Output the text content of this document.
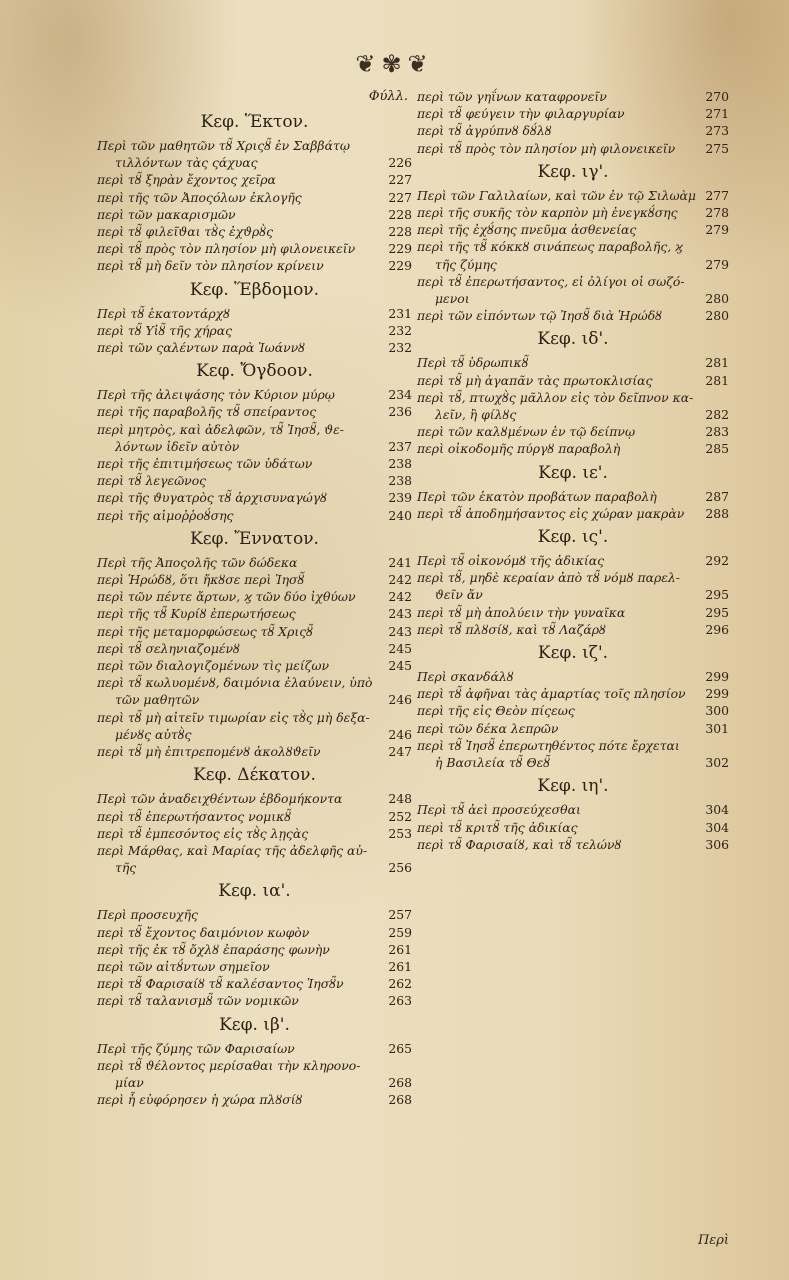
❦✾❦
Φύλλ.
Κεφ. Ἕκτον.
Περὶ τῶν μαθητῶν τȣ̃ Χριςȣ̃ ἐν Σαββάτῳ
τιλλόντων τὰς ςάχυας	226
περὶ τȣ̃ ξηρὰν ἔχοντος χεῖρα	227
περὶ τῆς τῶν Ἀποςόλων ἐκλογῆς	227
περὶ τῶν μακαρισμῶν	228
περὶ τȣ̃ φιλεῖϑαι τȣ̀ς ἐχϑρȣ̀ς	228
περὶ τȣ̃ πρὸς τὸν πλησίον μὴ φιλονεικεῖν	229
περὶ τȣ̃ μὴ δεῖν τὸν πλησίον κρίνειν	229
Κεφ. Ἕβδομον.
Περὶ τȣ̃ ἑκατοντάρχȣ	231
περὶ τȣ̃ Υἱȣ̃ τῆς χήρας	232
περὶ τῶν ςαλέντων παρὰ Ἰωάννȣ	232
Κεφ. Ὄγδοον.
Περὶ τῆς ἀλειψάσης τὸν Κύριον μύρῳ	234
περὶ τῆς παραβολῆς τȣ̃ σπείραντος	236
περὶ μητρὸς, καὶ ἀδελφῶν, τȣ̃ Ἰησȣ̃, ϑε-
λόντων ἰδεῖν αὐτὸν	237
περὶ τῆς ἐπιτιμήσεως τῶν ὑδάτων	238
περὶ τȣ̃ λεγεῶνος	238
περὶ τῆς ϑυγατρὸς τȣ̃ ἀρχισυναγώγȣ	239
περὶ τῆς αἱμοῤῥοȣ́σης	240
Κεφ. Ἔννατον.
Περὶ τῆς Ἀποςολῆς τῶν δώδεκα	241
περὶ Ἡρώδȣ, ὅτι ἤκȣσε περὶ Ἰησȣ̃	242
περὶ τῶν πέντε ἄρτων, ϗ τῶν δύο ἰχθύων	242
περὶ τῆς τȣ̃ Κυρίȣ ἐπερωτήσεως	243
περὶ τῆς μεταμορφώσεως τȣ̃ Χριςȣ̃	243
περὶ τȣ̃ σεληνιαζομένȣ	245
περὶ τῶν διαλογιζομένων τὶς μείζων	245
περὶ τȣ̃ κωλυομένȣ, δαιμόνια ἐλαύνειν, ὑπὸ
τῶν μαθητῶν	246
περὶ τȣ̃ μὴ αἰτεῖν τιμωρίαν εἰς τȣ̀ς μὴ δεξα-
μένȣς αὐτȣ̀ς	246
περὶ τȣ̃ μὴ ἐπιτρεπομένȣ ἀκολȣϑεῖν	247
Κεφ. Δέκατον.
Περὶ τῶν ἀναδειχθέντων ἑβδομήκοντα	248
περὶ τȣ̃ ἐπερωτήσαντος νομικȣ̃	252
περὶ τȣ̃ ἐμπεσόντος εἰς τȣ̀ς λῃςὰς	253
περὶ Μάρθας, καὶ Μαρίας τῆς ἀδελφῆς αὐ-
τῆς	256
Κεφ. ια'.
Περὶ προσευχῆς	257
περὶ τȣ̃ ἔχοντος δαιμόνιον κωφὸν	259
περὶ τῆς ἐκ τȣ̃ ὄχλȣ ἐπαράσης φωνὴν	261
περὶ τῶν αἰτȣ́ντων σημεῖον	261
περὶ τȣ̃ Φαρισαίȣ τȣ̃ καλέσαντος Ἰησȣ̃ν	262
περὶ τȣ̃ ταλανισμȣ̃ τῶν νομικῶν	263
Κεφ. ιβ'.
Περὶ τῆς ζύμης τῶν Φαρισαίων	265
περὶ τȣ̃ ϑέλοντος μερίσαθαι τὴν κληρονο-
μίαν	268
περὶ ἧ εὐφόρησεν ἡ χώρα πλȣσίȣ	268
περὶ τῶν γηΐνων καταφρονεῖν	270
περὶ τȣ̃ φεύγειν τὴν φιλαργυρίαν	271
περὶ τȣ̃ ἀγρύπνȣ δȣ́λȣ	273
περὶ τȣ̃ πρὸς τὸν πλησίον μὴ φιλονεικεῖν	275
Κεφ. ιγ'.
Περὶ τῶν Γαλιλαίων, καὶ τῶν ἐν τῷ Σιλωὰμ 277
περὶ τῆς συκῆς τὸν καρπὸν μὴ ἐνεγκȣ́σης	278
περὶ τῆς ἐχȣ́σης πνεῦμα ἀσθενείας	279
περὶ τῆς τȣ̃ κόκκȣ σινάπεως παραβολῆς, ϗ
τῆς ζύμης	279
περὶ τȣ̃ ἐπερωτήσαντος, εἰ ὀλίγοι οἱ σωζό-
μενοι	280
περὶ τῶν εἰπόντων τῷ Ἰησȣ̃ διὰ Ἡρώδȣ	280
Κεφ. ιδ'.
Περὶ τȣ̃ ὑδρωπικȣ̃	281
περὶ τȣ̃ μὴ ἀγαπᾶν τὰς πρωτοκλισίας	281
περὶ τȣ̃, πτωχȣ̀ς μᾶλλον εἰς τὸν δεῖπνον κα-
λεῖν, ἢ φίλȣς	282
περὶ τῶν καλȣμένων ἐν τῷ δείπνῳ	283
περὶ οἰκοδομῆς πύργȣ παραβολὴ	285
Κεφ. ιε'.
Περὶ τῶν ἑκατὸν προβάτων παραβολὴ	287
περὶ τȣ̃ ἀποδημήσαντος εἰς χώραν μακρὰν	288
Κεφ. ις'.
Περὶ τȣ̃ οἰκονόμȣ τῆς ἀδικίας	292
περὶ τȣ̃, μηδὲ κεραίαν ἀπὸ τȣ̃ νόμȣ παρελ-
ϑεῖν ἄν	295
περὶ τȣ̃ μὴ ἀπολύειν τὴν γυναῖκα	295
περὶ τȣ̃ πλȣσίȣ, καὶ τȣ̃ Λαζάρȣ	296
Κεφ. ιζ'.
Περὶ σκανδάλȣ	299
περὶ τȣ̃ ἀφῆναι τὰς ἁμαρτίας τοῖς πλησίον	299
περὶ τῆς εἰς Θεὸν πίςεως	300
περὶ τῶν δέκα λεπρῶν	301
περὶ τȣ̃ Ἰησȣ̃ ἐπερωτηθέντος πότε ἔρχεται
ἡ Βασιλεία τȣ̃ Θεȣ̃	302
Κεφ. ιη'.
Περὶ τȣ̃ ἀεὶ προσεύχεσθαι	304
περὶ τȣ̃ κριτȣ̃ τῆς ἀδικίας	304
περὶ τȣ̃ Φαρισαίȣ, καὶ τȣ̃ τελώνȣ	306
Περὶ
